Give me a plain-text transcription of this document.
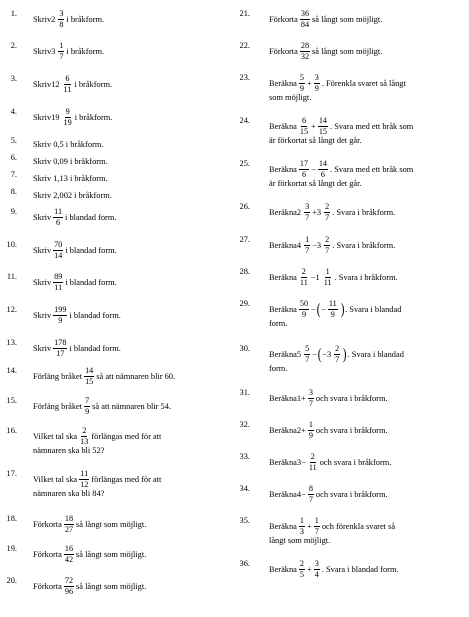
1.
Skriv2 $\frac{3}{8}$ i bråkform.
2.
Skriv3 $\frac{1}{7}$ i bråkform.
3.
Skriv12 $\frac{6}{11}$ i bråkform.
4.
Skriv19 $\frac{9}{19}$ i bråkform.
5. Skriv 0,5 i bråkform.
6. Skriv 0,09 i bråkform.
7. Skriv 1,13 i bråkform.
8. Skriv 2,002 i bråkform.
9.
Skriv $\frac{11}{6}$ i blandad form.
10.
Skriv $\frac{70}{14}$ i blandad form.
11.
Skriv $\frac{89}{11}$ i blandad form.
12.
Skriv $\frac{199}{9}$ i blandad form.
13.
Skriv $\frac{178}{17}$ i blandad form.
14.
Förläng bråket $\frac{14}{15}$ så att nämnaren blir 60.
15.
Förläng bråket $\frac{7}{9}$ så att nämnaren blir 54.
16.
Vilket tal ska $\frac{2}{13}$ förlängas med för att
nämnaren ska bli 52?
17.
Vilket tal ska $\frac{11}{12}$ förlängas med för att
nämnaren ska bli 84?
18.
Förkorta $\frac{18}{27}$ så långt som möjligt.
19.
Förkorta $\frac{16}{42}$ så långt som möjligt.
20.
Förkorta $\frac{72}{96}$ så långt som möjligt.
21.
Förkorta $\frac{36}{84}$ så långt som möjligt.
22.
Förkorta $\frac{28}{32}$ så långt som möjligt.
23.
Beräkna $\frac{5}{9} + \frac{3}{9}$ . Förenkla svaret så långt
som möjligt.
24.
Beräkna $\frac{6}{15} + \frac{14}{15}$ . Svara med ett bråk som
är förkortat så långt det går.
25.
Beräkna $\frac{17}{6} - \frac{14}{6}$ . Svara med ett bråk som
är förkortat så långt det går.
26.
Beräkna2 $\frac{3}{7} +3 \frac{2}{7}$ . Svara i bråkform.
27.
Beräkna4 $\frac{1}{7} -3 \frac{2}{7}$ . Svara i bråkform.
28.
Beräkna $\frac{2}{11} -1 \frac{1}{11}$ . Svara i bråkform.
29.
Beräkna $\frac{50}{9}$ −(− $\frac{11}{9}$ ). Svara i blandad
form.
30.
Beräkna5 $\frac{5}{7} -(-3 \frac{2}{7}$ ). Svara i blandad
form.
31.
Beräkna1+ $\frac{3}{7}$ och svara i bråkform.
32.
Beräkna2+ $\frac{1}{9}$ och svara i bråkform.
33.
Beräkna3− $\frac{2}{11}$ och svara i bråkform.
34.
Beräkna4− $\frac{8}{7}$ och svara i bråkform.
35.
Beräkna $\frac{1}{3} + \frac{1}{7}$ och förenkla svaret så
långt som möjligt.
36.
Beräkna $\frac{2}{5} + \frac{3}{4}$ . Svara i blandad form.
